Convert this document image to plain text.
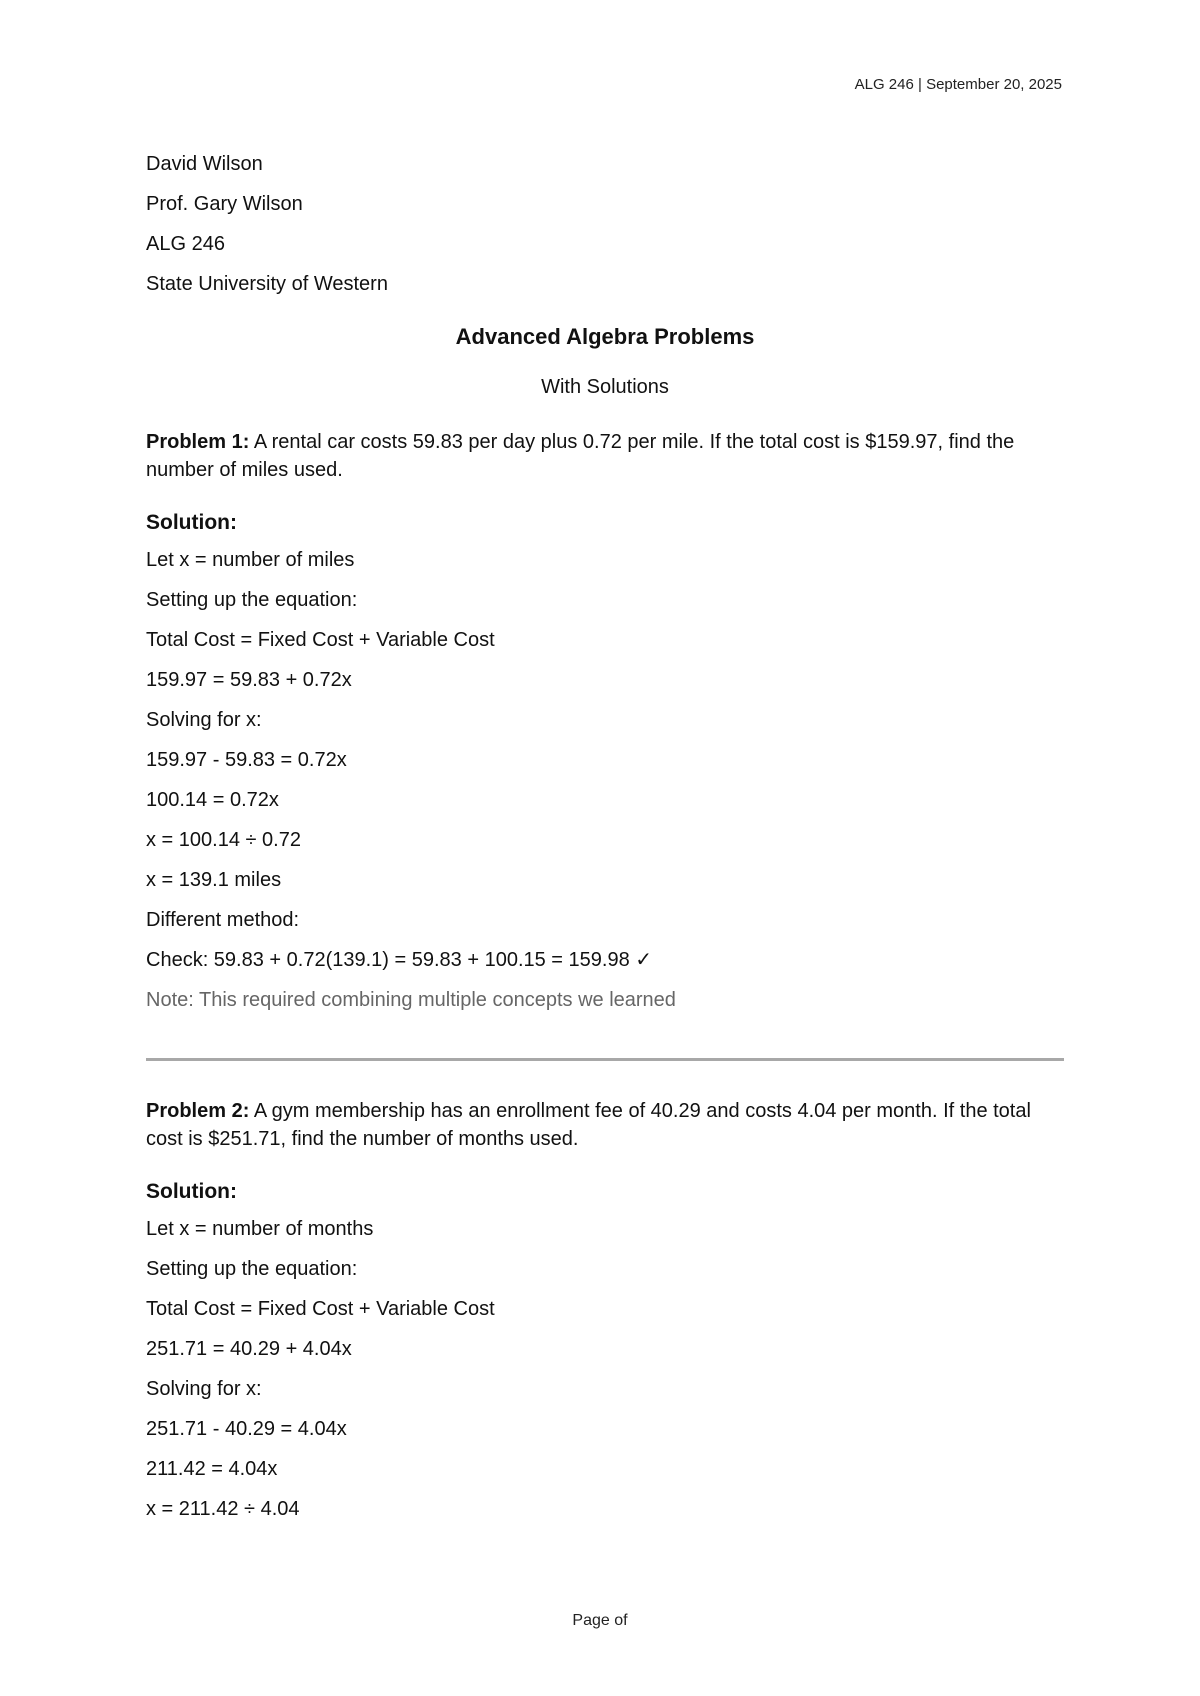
ALG 246 | September 20, 2025
David Wilson
Prof. Gary Wilson
ALG 246
State University of Western
Advanced Algebra Problems
With Solutions
Problem 1: A rental car costs 59.83 per day plus 0.72 per mile. If the total cost is $159.97, find the number of miles used.
Solution:
Let x = number of miles
Setting up the equation:
Total Cost = Fixed Cost + Variable Cost
159.97 = 59.83 + 0.72x
Solving for x:
159.97 - 59.83 = 0.72x
100.14 = 0.72x
x = 100.14 ÷ 0.72
x = 139.1 miles
Different method:
Check: 59.83 + 0.72(139.1) = 59.83 + 100.15 = 159.98 ✓
Note: This required combining multiple concepts we learned
Problem 2: A gym membership has an enrollment fee of 40.29 and costs 4.04 per month. If the total cost is $251.71, find the number of months used.
Solution:
Let x = number of months
Setting up the equation:
Total Cost = Fixed Cost + Variable Cost
251.71 = 40.29 + 4.04x
Solving for x:
251.71 - 40.29 = 4.04x
211.42 = 4.04x
x = 211.42 ÷ 4.04
Page of
